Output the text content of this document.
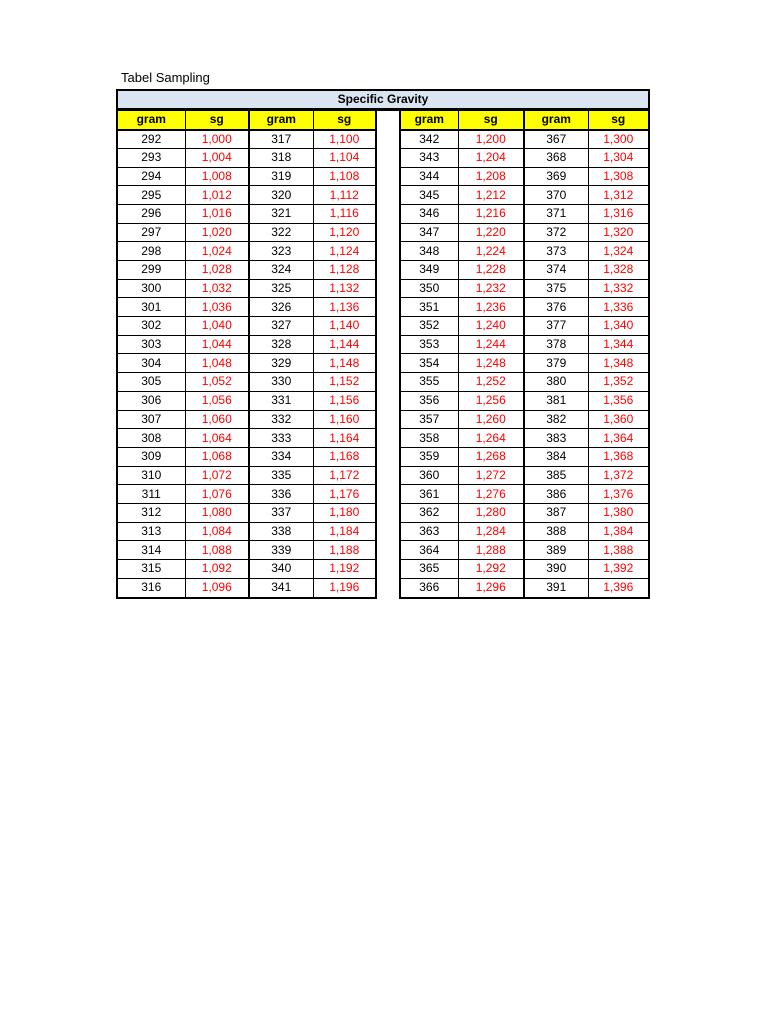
Tabel Sampling
Specific Gravity
gram	sg	gram	sg
292	1,000	317	1,100
293	1,004	318	1,104
294	1,008	319	1,108
295	1,012	320	1,112
296	1,016	321	1,116
297	1,020	322	1,120
298	1,024	323	1,124
299	1,028	324	1,128
300	1,032	325	1,132
301	1,036	326	1,136
302	1,040	327	1,140
303	1,044	328	1,144
304	1,048	329	1,148
305	1,052	330	1,152
306	1,056	331	1,156
307	1,060	332	1,160
308	1,064	333	1,164
309	1,068	334	1,168
310	1,072	335	1,172
311	1,076	336	1,176
312	1,080	337	1,180
313	1,084	338	1,184
314	1,088	339	1,188
315	1,092	340	1,192
316	1,096	341	1,196
gram	sg	gram	sg
342	1,200	367	1,300
343	1,204	368	1,304
344	1,208	369	1,308
345	1,212	370	1,312
346	1,216	371	1,316
347	1,220	372	1,320
348	1,224	373	1,324
349	1,228	374	1,328
350	1,232	375	1,332
351	1,236	376	1,336
352	1,240	377	1,340
353	1,244	378	1,344
354	1,248	379	1,348
355	1,252	380	1,352
356	1,256	381	1,356
357	1,260	382	1,360
358	1,264	383	1,364
359	1,268	384	1,368
360	1,272	385	1,372
361	1,276	386	1,376
362	1,280	387	1,380
363	1,284	388	1,384
364	1,288	389	1,388
365	1,292	390	1,392
366	1,296	391	1,396
